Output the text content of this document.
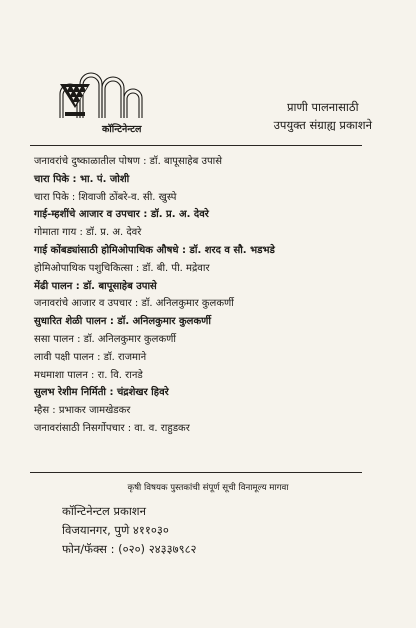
कॉन्टिनेन्टल
प्राणी पालनासाठी
उपयुक्त संग्राह्य प्रकाशने
जनावरांचे दुष्काळातील पोषण : डॉ. बापूसाहेब उपासे
चारा पिके : भा. पं. जोशी
चारा पिके : शिवाजी ठोंबरे-व. सी. खुस्पे
गाई-म्हशींचे आजार व उपचार : डॉ. प्र. अ. देवरे
गोमाता गाय : डॉ. प्र. अ. देवरे
गाई कोंबड्यांसाठी होमिओपाथिक औषधे : डॉ. शरद व सौ. भडभडे
होमिओपाथिक पशुचिकित्सा : डॉ. बी. पी. मद्रेवार
मेंढी पालन : डॉ. बापूसाहेब उपासे
जनावरांचे आजार व उपचार : डॉ. अनिलकुमार कुलकर्णी
सुधारित शेळी पालन : डॉ. अनिलकुमार कुलकर्णी
ससा पालन : डॉ. अनिलकुमार कुलकर्णी
लावी पक्षी पालन : डॉ. राजमाने
मधमाशा पालन : रा. वि. रानडे
सुलभ रेशीम निर्मिती : चंद्रशेखर हिवरे
म्हैस : प्रभाकर जामखेडकर
जनावरांसाठी निसर्गोपचार : वा. व. राहुडकर
कृषी विषयक पुस्तकांची संपूर्ण सूची विनामूल्य मागवा
कॉन्टिनेन्टल प्रकाशन
विजयानगर, पुणे ४११०३०
फोन/फॅक्स : (०२०) २४३३७९८२
